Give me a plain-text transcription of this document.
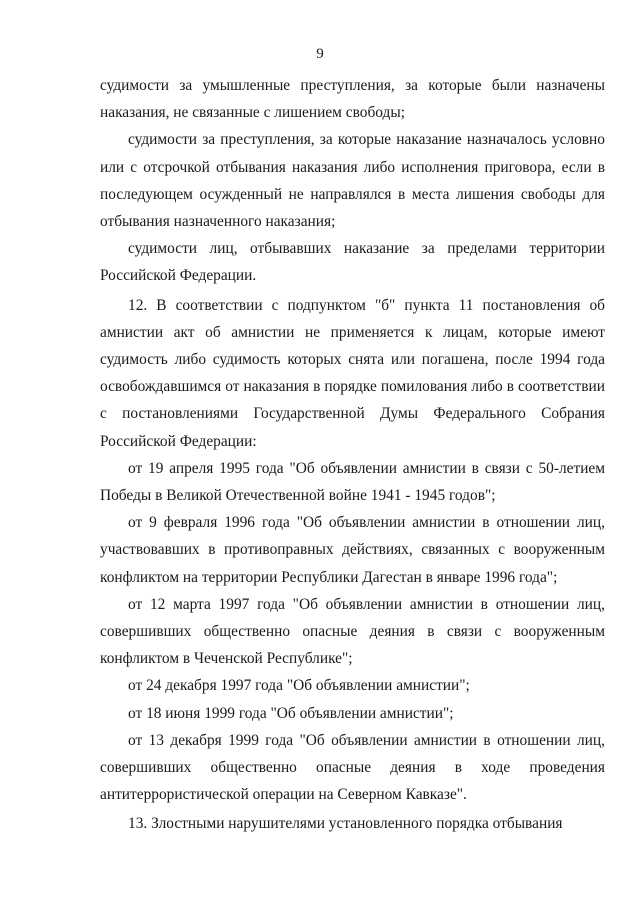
9

судимости за умышленные преступления, за которые были назначены наказания, не связанные с лишением свободы;

судимости за преступления, за которые наказание назначалось условно или с отсрочкой отбывания наказания либо исполнения приговора, если в последующем осужденный не направлялся в места лишения свободы для отбывания назначенного наказания;

судимости лиц, отбывавших наказание за пределами территории Российской Федерации.

12. В соответствии с подпунктом "б" пункта 11 постановления об амнистии акт об амнистии не применяется к лицам, которые имеют судимость либо судимость которых снята или погашена, после 1994 года освобождавшимся от наказания в порядке помилования либо в соответствии с постановлениями Государственной Думы Федерального Собрания Российской Федерации:

от 19 апреля 1995 года "Об объявлении амнистии в связи с 50-летием Победы в Великой Отечественной войне 1941 - 1945 годов";

от 9 февраля 1996 года "Об объявлении амнистии в отношении лиц, участвовавших в противоправных действиях, связанных с вооруженным конфликтом на территории Республики Дагестан в январе 1996 года";

от 12 марта 1997 года "Об объявлении амнистии в отношении лиц, совершивших общественно опасные деяния в связи с вооруженным конфликтом в Чеченской Республике";

от 24 декабря 1997 года "Об объявлении амнистии";

от 18 июня 1999 года "Об объявлении амнистии";

от 13 декабря 1999 года "Об объявлении амнистии в отношении лиц, совершивших общественно опасные деяния в ходе проведения антитеррористической операции на Северном Кавказе".

13. Злостными нарушителями установленного порядка отбывания
